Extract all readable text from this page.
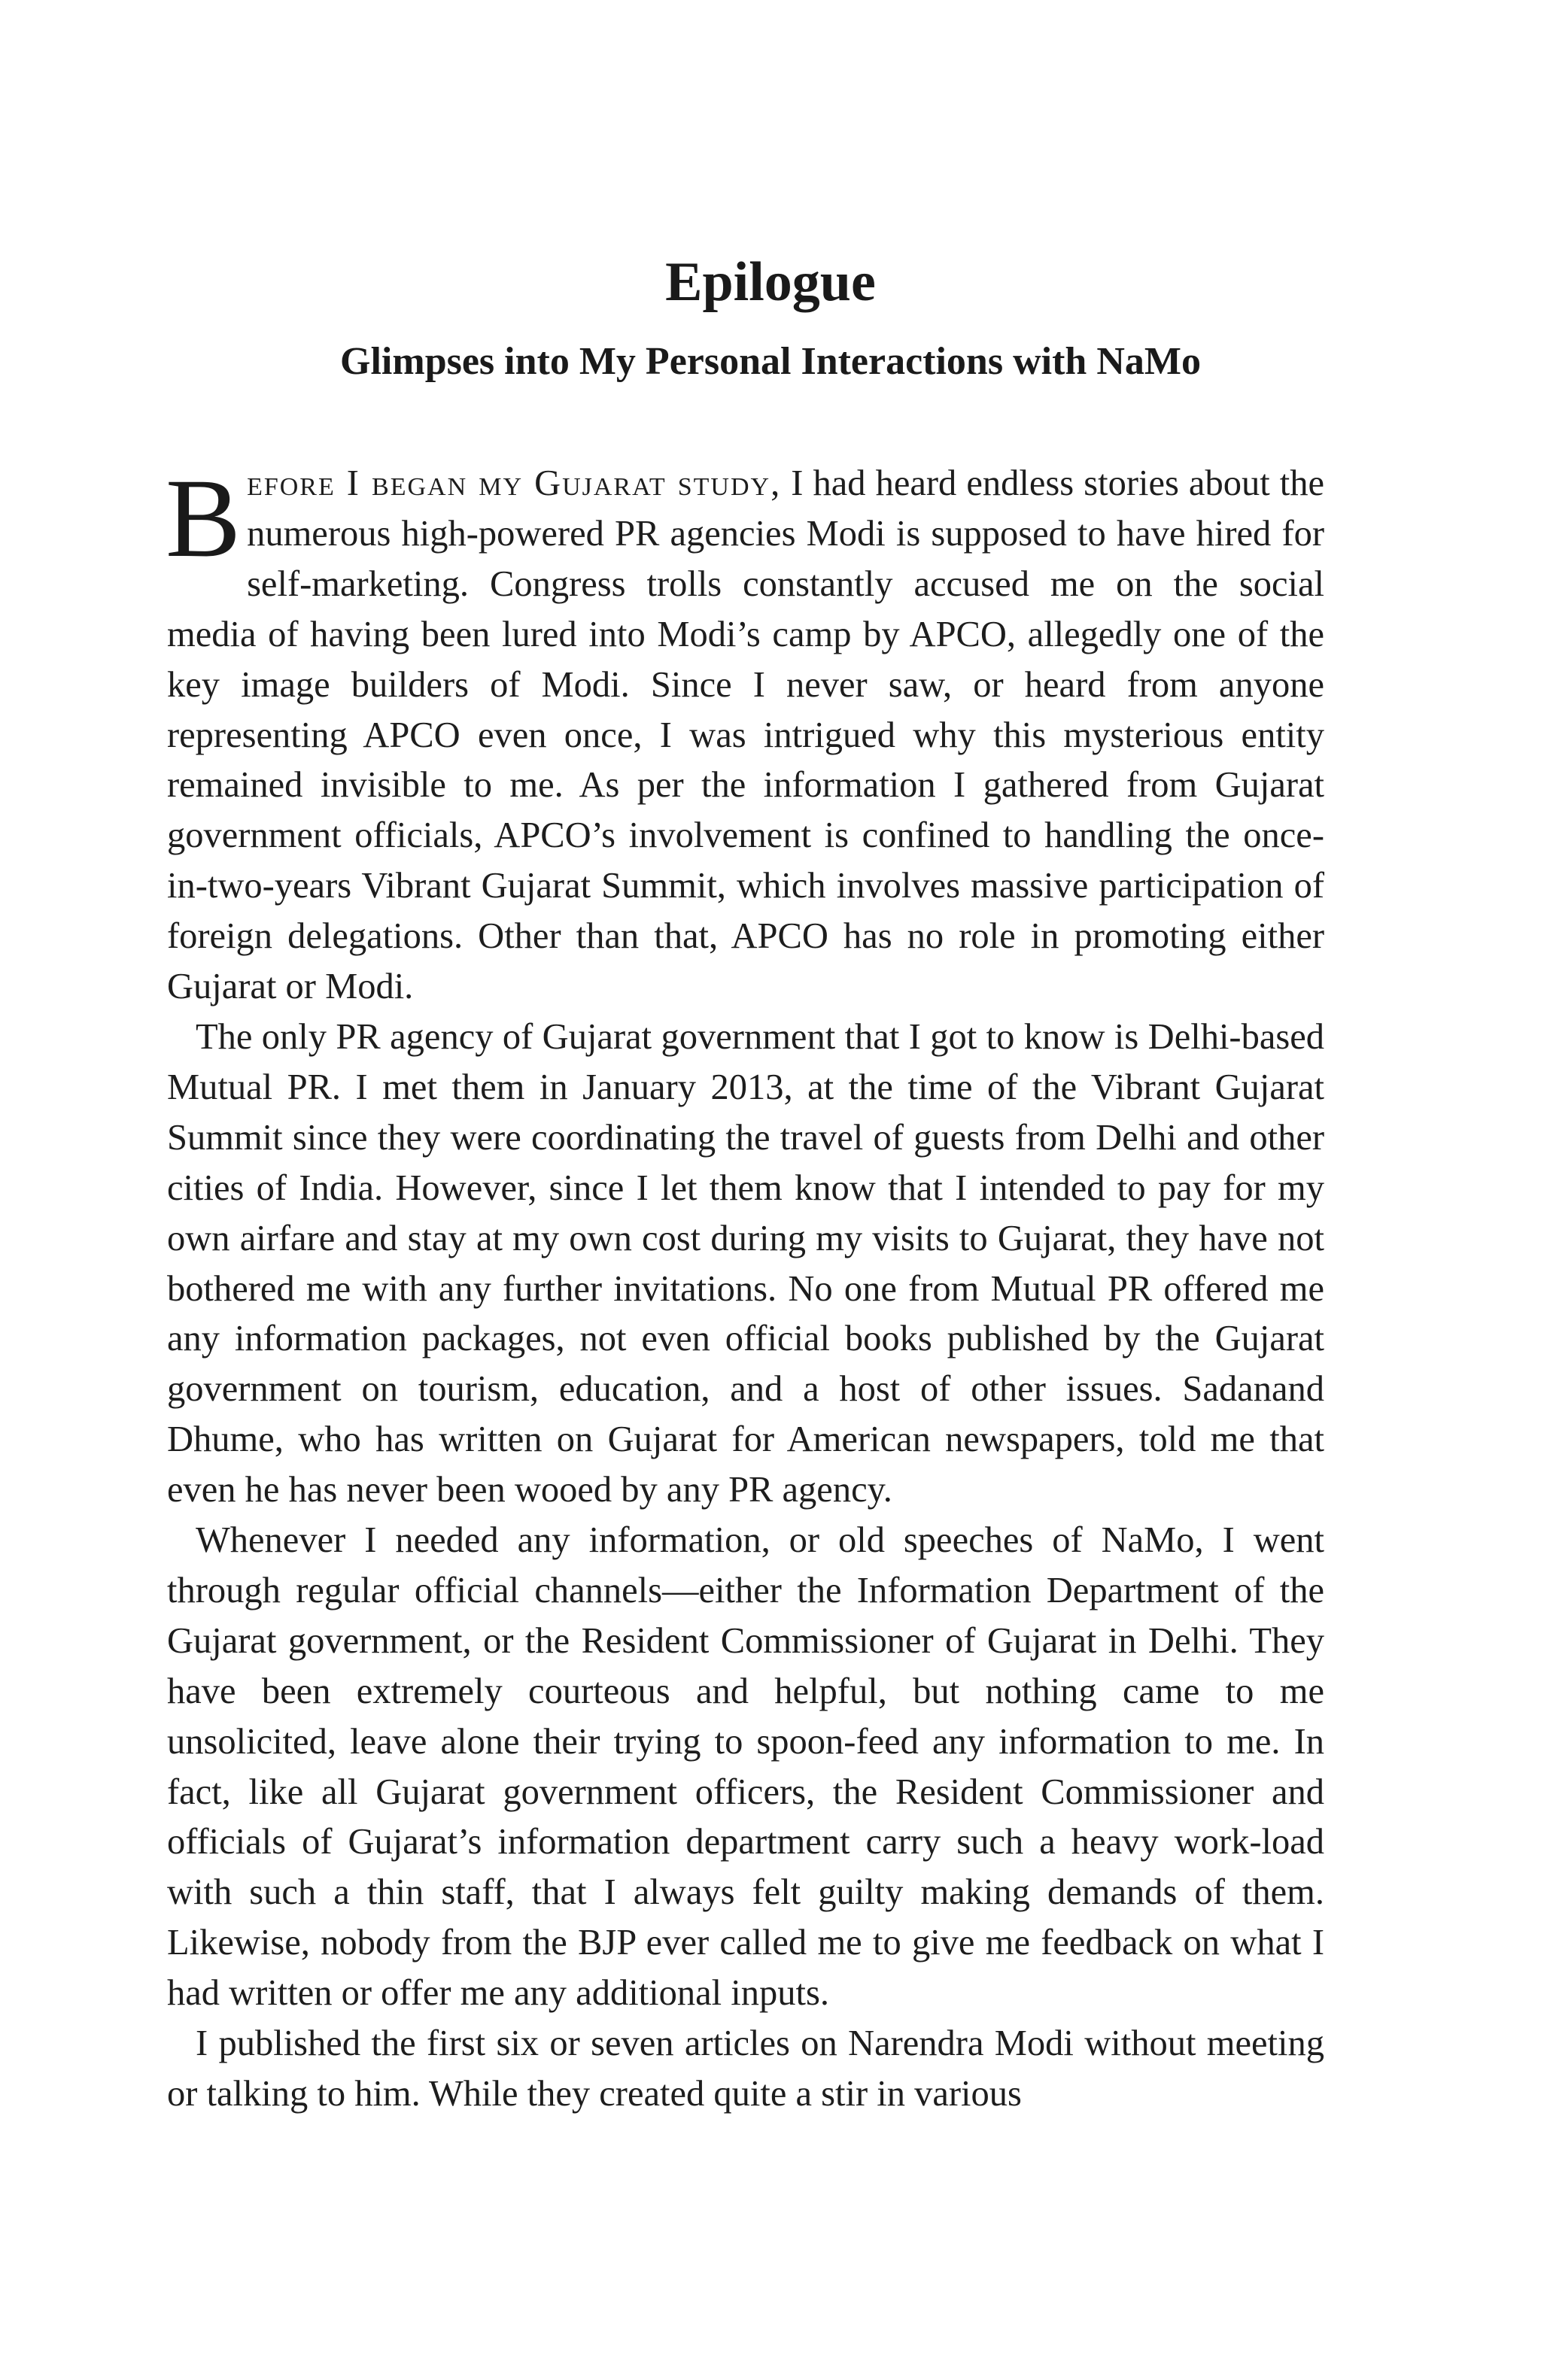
Epilogue
Glimpses into My Personal Interactions with NaMo

Before I began my Gujarat study, I had heard endless stories about the numerous high-powered PR agencies Modi is supposed to have hired for self-marketing. Congress trolls constantly accused me on the social media of having been lured into Modi’s camp by APCO, allegedly one of the key image builders of Modi. Since I never saw, or heard from anyone representing APCO even once, I was intrigued why this mysterious entity remained invisible to me. As per the information I gathered from Gujarat government officials, APCO’s involvement is confined to handling the once-in-two-years Vibrant Gujarat Summit, which involves massive participation of foreign delegations. Other than that, APCO has no role in promoting either Gujarat or Modi.

The only PR agency of Gujarat government that I got to know is Delhi-based Mutual PR. I met them in January 2013, at the time of the Vibrant Gujarat Summit since they were coordinating the travel of guests from Delhi and other cities of India. However, since I let them know that I intended to pay for my own airfare and stay at my own cost during my visits to Gujarat, they have not bothered me with any further invitations. No one from Mutual PR offered me any information packages, not even official books published by the Gujarat government on tourism, education, and a host of other issues. Sadanand Dhume, who has written on Gujarat for American newspapers, told me that even he has never been wooed by any PR agency.

Whenever I needed any information, or old speeches of NaMo, I went through regular official channels—either the Information Department of the Gujarat government, or the Resident Commissioner of Gujarat in Delhi. They have been extremely courteous and helpful, but nothing came to me unsolicited, leave alone their trying to spoon-feed any information to me. In fact, like all Gujarat government officers, the Resident Commissioner and officials of Gujarat’s information department carry such a heavy work-load with such a thin staff, that I always felt guilty making demands of them. Likewise, nobody from the BJP ever called me to give me feedback on what I had written or offer me any additional inputs.

I published the first six or seven articles on Narendra Modi without meeting or talking to him. While they created quite a stir in various
